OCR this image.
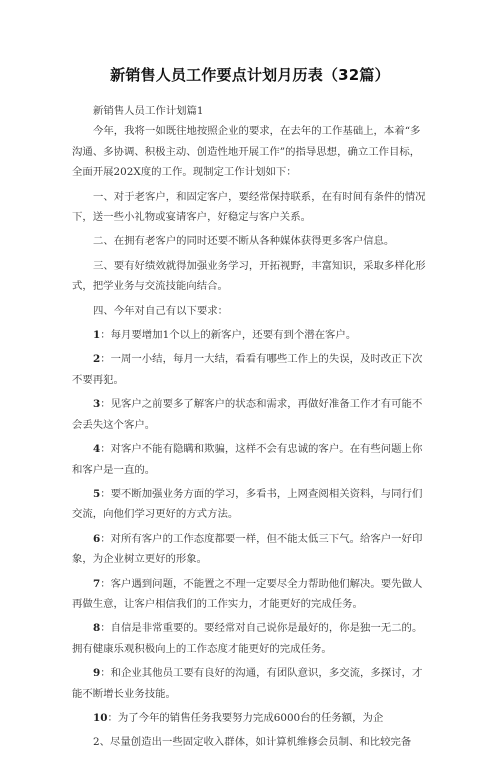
新销售人员工作要点计划月历表（32篇）

新销售人员工作计划篇1

今年，我将一如既往地按照企业的要求，在去年的工作基础上，本着“多沟通、多协调、积极主动、创造性地开展工作”的指导思想，确立工作目标，全面开展202X度的工作。现制定工作计划如下：

一、对于老客户，和固定客户，要经常保持联系，在有时间有条件的情况下，送一些小礼物或宴请客户，好稳定与客户关系。

二、在拥有老客户的同时还要不断从各种媒体获得更多客户信息。

三、要有好绩效就得加强业务学习，开拓视野，丰富知识，采取多样化形式，把学业务与交流技能向结合。

四、今年对自己有以下要求：

1：每月要增加1个以上的新客户，还要有到个潜在客户。

2：一周一小结，每月一大结，看看有哪些工作上的失误，及时改正下次不要再犯。

3：见客户之前要多了解客户的状态和需求，再做好准备工作才有可能不会丢失这个客户。

4：对客户不能有隐瞒和欺骗，这样不会有忠诚的客户。在有些问题上你和客户是一直的。

5：要不断加强业务方面的学习，多看书，上网查阅相关资料，与同行们交流，向他们学习更好的方式方法。

6：对所有客户的工作态度都要一样，但不能太低三下气。给客户一好印象，为企业树立更好的形象。

7：客户遇到问题，不能置之不理一定要尽全力帮助他们解决。要先做人再做生意，让客户相信我们的工作实力，才能更好的完成任务。

8：自信是非常重要的。要经常对自己说你是最好的，你是独一无二的。拥有健康乐观积极向上的工作态度才能更好的完成任务。

9：和企业其他员工要有良好的沟通，有团队意识，多交流，多探讨，才能不断增长业务技能。

10：为了今年的销售任务我要努力完成6000台的任务额，为企

2、尽量创造出一些固定收入群体，如计算机维修会员制、和比较完备
